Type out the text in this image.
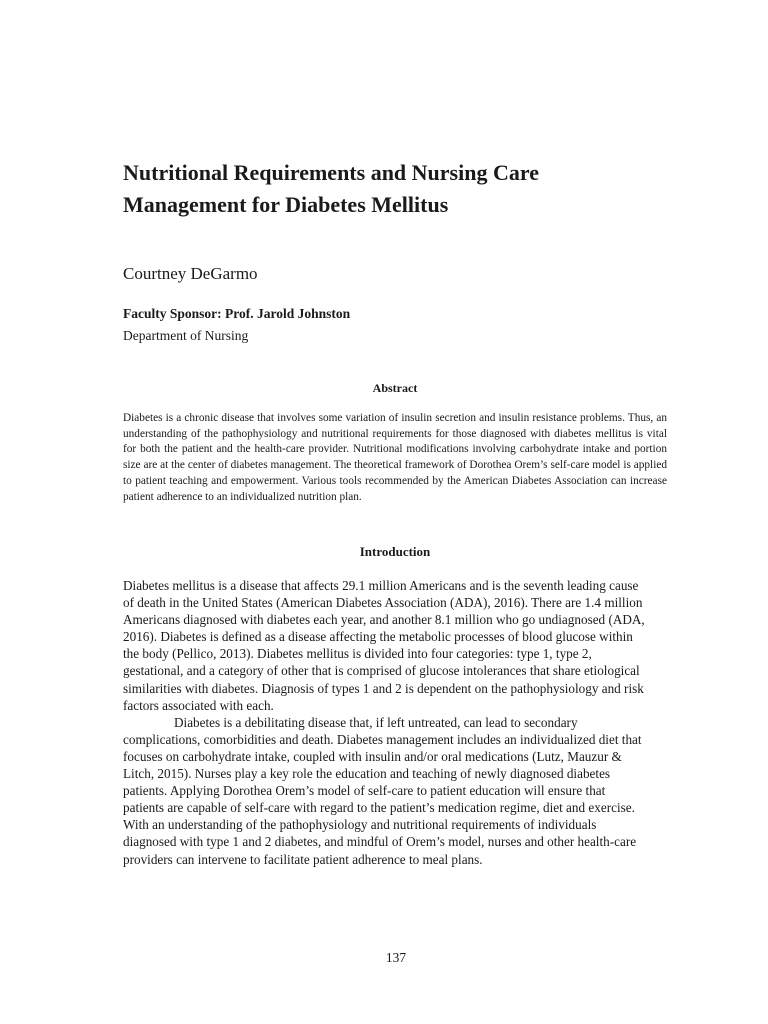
Nutritional Requirements and Nursing Care Management for Diabetes Mellitus

Courtney DeGarmo

Faculty Sponsor: Prof. Jarold Johnston

Department of Nursing

Abstract

Diabetes is a chronic disease that involves some variation of insulin secretion and insulin resistance problems. Thus, an understanding of the pathophysiology and nutritional requirements for those diagnosed with diabetes mellitus is vital for both the patient and the health-care provider. Nutritional modifications involving carbohydrate intake and portion size are at the center of diabetes management. The theoretical framework of Dorothea Orem’s self-care model is applied to patient teaching and empowerment. Various tools recommended by the American Diabetes Association can increase patient adherence to an individualized nutrition plan.

Introduction

Diabetes mellitus is a disease that affects 29.1 million Americans and is the seventh leading cause of death in the United States (American Diabetes Association (ADA), 2016). There are 1.4 million Americans diagnosed with diabetes each year, and another 8.1 million who go undiagnosed (ADA, 2016). Diabetes is defined as a disease affecting the metabolic processes of blood glucose within the body (Pellico, 2013). Diabetes mellitus is divided into four categories: type 1, type 2, gestational, and a category of other that is comprised of glucose intolerances that share etiological similarities with diabetes. Diagnosis of types 1 and 2 is dependent on the pathophysiology and risk factors associated with each.

Diabetes is a debilitating disease that, if left untreated, can lead to secondary complications, comorbidities and death. Diabetes management includes an individualized diet that focuses on carbohydrate intake, coupled with insulin and/or oral medications (Lutz, Mauzur & Litch, 2015). Nurses play a key role the education and teaching of newly diagnosed diabetes patients. Applying Dorothea Orem’s model of self-care to patient education will ensure that patients are capable of self-care with regard to the patient’s medication regime, diet and exercise. With an understanding of the pathophysiology and nutritional requirements of individuals diagnosed with type 1 and 2 diabetes, and mindful of Orem’s model, nurses and other health-care providers can intervene to facilitate patient adherence to meal plans.

137
